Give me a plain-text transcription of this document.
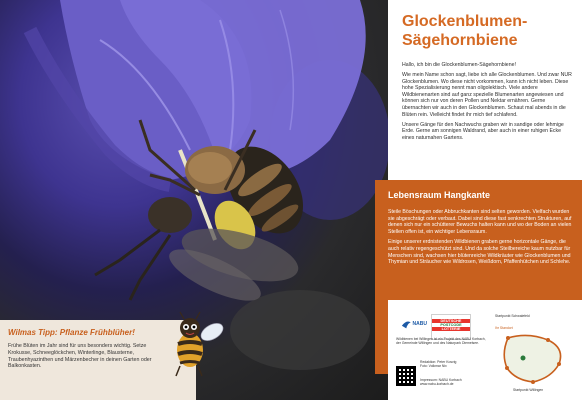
Glockenblumen-Sägehornbiene

Hallo, ich bin die Glockenblumen-Sägehornbiene!

Wie mein Name schon sagt, liebe ich alle Glockenblumen. Und zwar NUR Glockenblumen. Wo diese nicht vorkommen, kann ich nicht leben. Diese hohe Spezialisierung nennt man oligolektisch. Viele andere Wildbienenarten sind auf ganz spezielle Blumenarten angewiesen und können sich nur von deren Pollen und Nektar ernähren. Gerne übernachten wir auch in den Glockenblumen. Schaut mal abends in die Blüten rein. Vielleicht findet ihr mich tief schlafend.

Unsere Gänge für den Nachwuchs graben wir in sandige oder lehmige Erde. Gerne am sonnigen Waldrand, aber auch in einer ruhigen Ecke eines naturnahen Gartens.

Lebensraum Hangkante

Steile Böschungen oder Abbruchkanten sind selten geworden. Vielfach wurden sie abgeschrägt oder verbaut. Dabei sind diese fast senkrechten Strukturen, auf denen sich nur ein schütterer Bewuchs halten kann und wo der Boden an vielen Stellen offen ist, ein wichtiger Lebensraum.

Einige unserer erdnistenden Wildbienen graben gerne horizontale Gänge, die auch relativ regengeschützt sind. Und da solche Steilbereiche kaum nutzbar für Menschen sind, wachsen hier blütenreiche Wildkräuter wie Glockenblumen und Thymian und Sträucher wie Wildrosen, Weißdorn, Pfaffenhütchen und Schlehe.

NABU	DEUTSCHE
POSTCODE
LOTTERIE
Wildbienen bei Willingen ist ein Projekt des NABU Korbach, der Gemeinde Willingen und des Naturpark Diemelsee.
Redaktion: Peter Kosvig
Foto: Volkmar Nix
Impressum: NABU Korbach
www.nabu-korbach.de
Startpunkt Schwalefeld
Ihr Standort
Startpunkt Willingen
Wilmas Tipp: Pflanze Frühblüher!
Frühe Blüten im Jahr sind für uns besonders wichtig. Setze Krokusse, Schneeglöckchen, Winterlinge, Blausterne, Traubenhyazinthen und Märzenbecher in deinen Garten oder Balkonkasten.
